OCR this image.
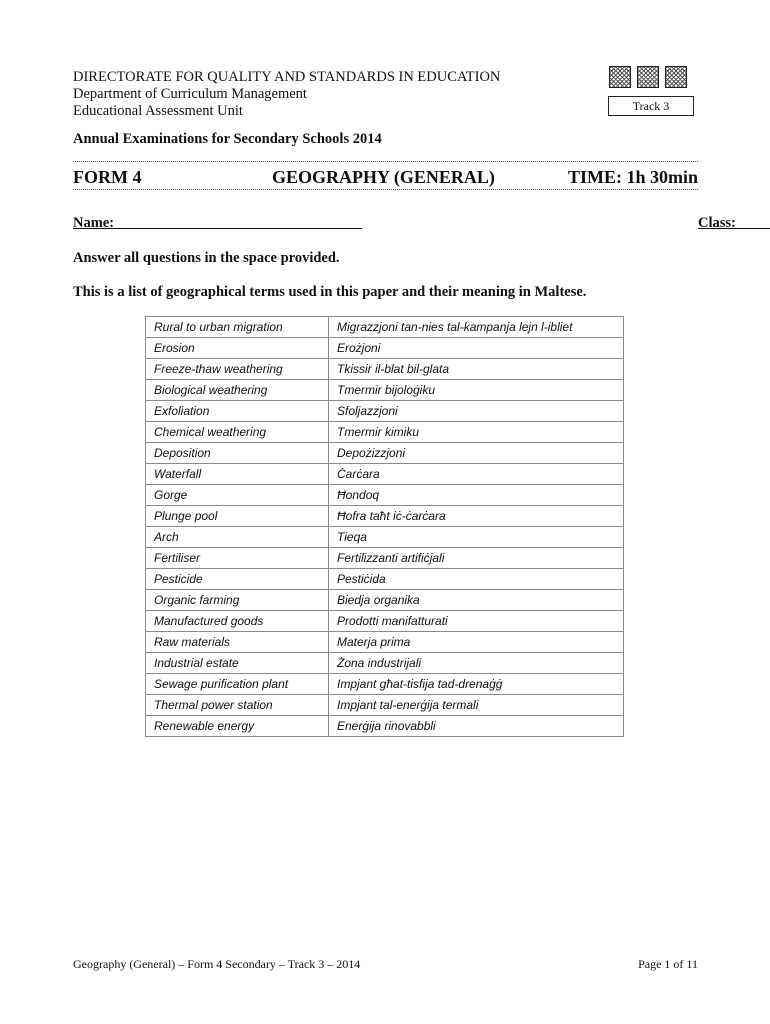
DIRECTORATE FOR QUALITY AND STANDARDS IN EDUCATION
Department of Curriculum Management
Educational Assessment Unit	Track 3
Annual Examinations for Secondary Schools 2014
FORM 4	GEOGRAPHY (GENERAL)	TIME: 1h 30min
Name:	Class:
Answer all questions in the space provided.
This is a list of geographical terms used in this paper and their meaning in Maltese.
Rural to urban migration	Migrazzjoni tan-nies tal-kampanja lejn l-ibliet
Erosion	Erożjoni
Freeze-thaw weathering	Tkissir il-blat bil-glata
Biological weathering	Tmermir bijoloġiku
Exfoliation	Sfoljazzjoni
Chemical weathering	Tmermir kimiku
Deposition	Depożizzjoni
Waterfall	Ċarċara
Gorge	Ħondoq
Plunge pool	Ħofra taħt iċ-ċarċara
Arch	Tieqa
Fertiliser	Fertilizzanti artifiċjali
Pesticide	Pestiċida
Organic farming	Biedja organika
Manufactured goods	Prodotti manifatturati
Raw materials	Materja prima
Industrial estate	Żona industrijali
Sewage purification plant	Impjant għat-tisfija tad-drenaġġ
Thermal power station	Impjant tal-enerġija termali
Renewable energy	Enerġija rinovabbli
Geography (General) – Form 4 Secondary – Track 3 – 2014	Page 1 of 11
